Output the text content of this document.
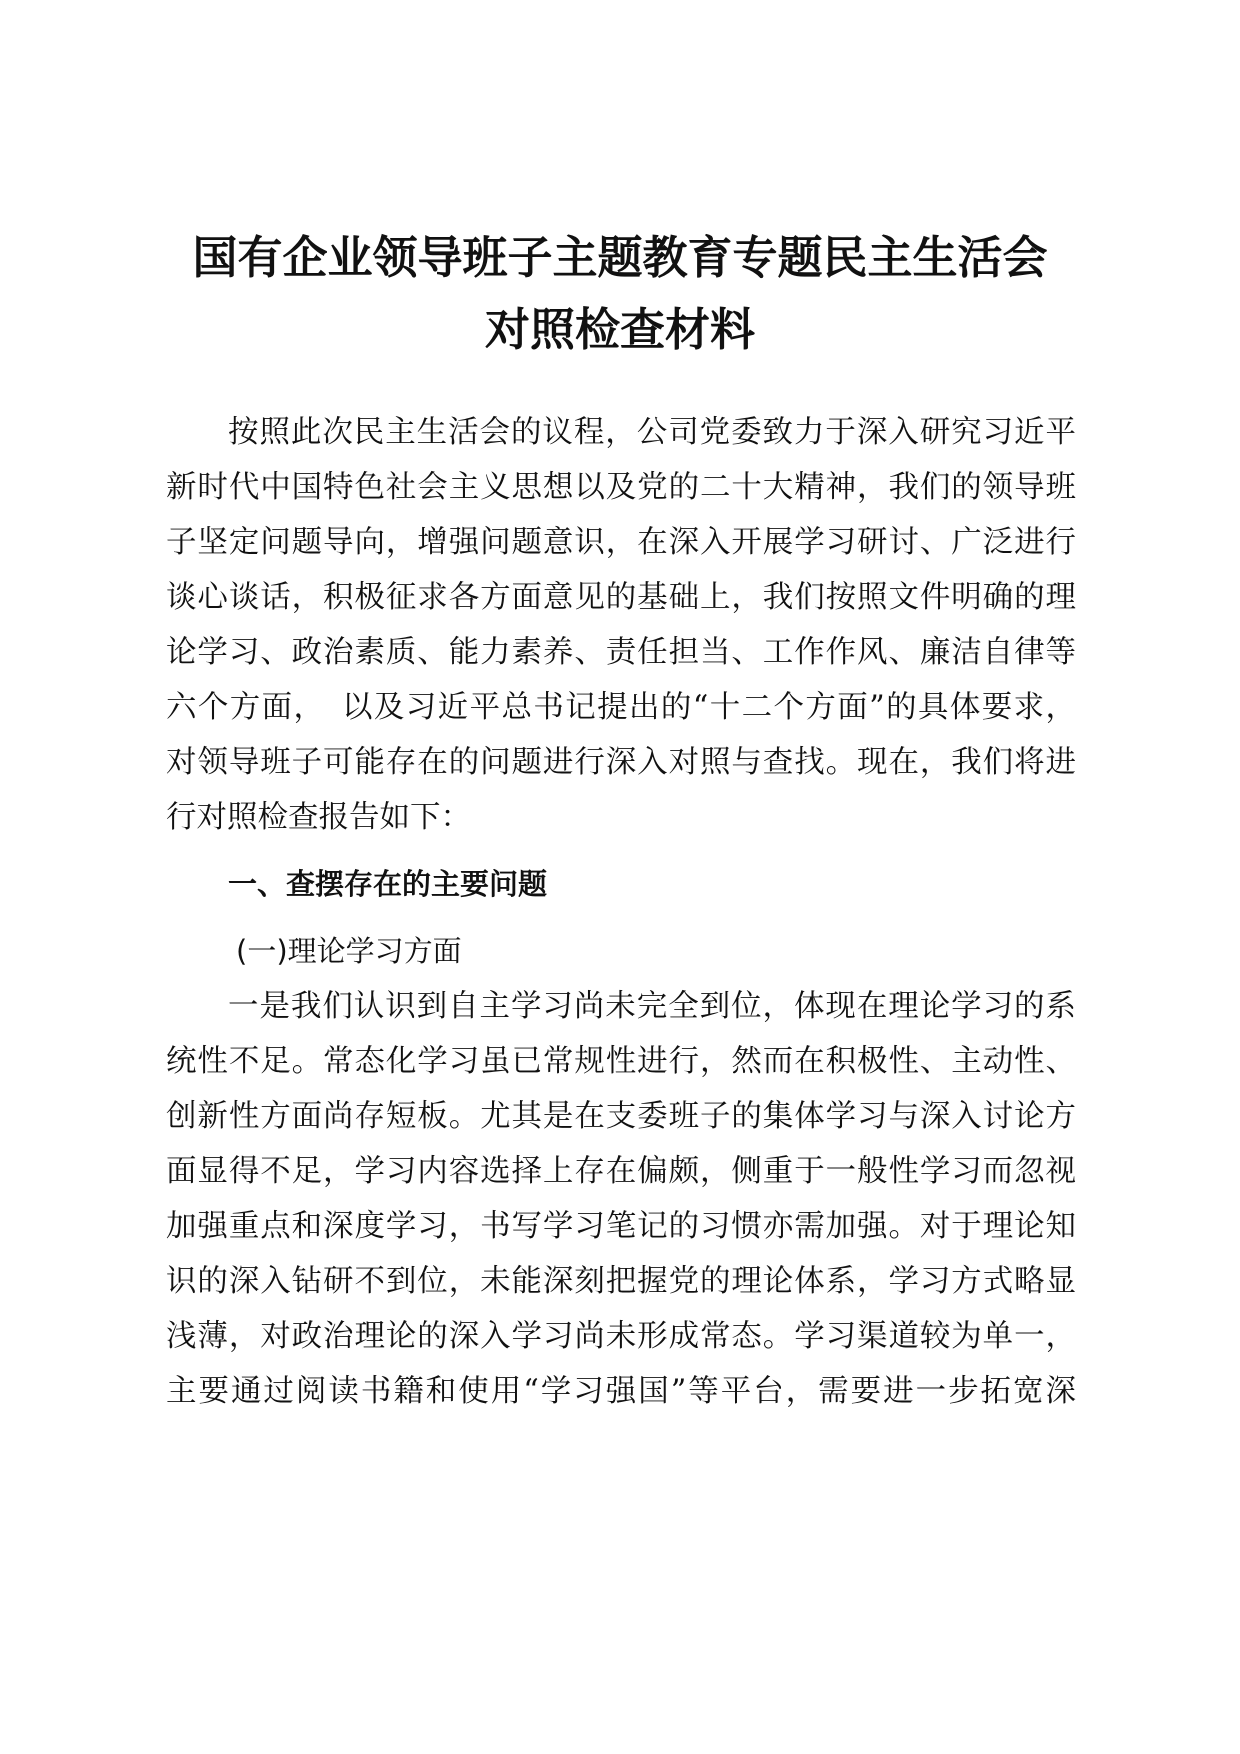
国有企业领导班子主题教育专题民主生活会
对照检查材料
按照此次民主生活会的议程，公司党委致力于深入研究习近平
新时代中国特色社会主义思想以及党的二十大精神，我们的领导班
子坚定问题导向，增强问题意识，在深入开展学习研讨、广泛进行
谈心谈话，积极征求各方面意见的基础上，我们按照文件明确的理
论学习、政治素质、能力素养、责任担当、工作作风、廉洁自律等
六个方面，　以及习近平总书记提出的“十二个方面”的具体要求，
对领导班子可能存在的问题进行深入对照与查找。现在，我们将进
行对照检查报告如下：
一、查摆存在的主要问题
(一)理论学习方面
一是我们认识到自主学习尚未完全到位，体现在理论学习的系
统性不足。常态化学习虽已常规性进行，然而在积极性、主动性、
创新性方面尚存短板。尤其是在支委班子的集体学习与深入讨论方
面显得不足，学习内容选择上存在偏颇，侧重于一般性学习而忽视
加强重点和深度学习，书写学习笔记的习惯亦需加强。对于理论知
识的深入钻研不到位，未能深刻把握党的理论体系，学习方式略显
浅薄，对政治理论的深入学习尚未形成常态。学习渠道较为单一，
主要通过阅读书籍和使用“学习强国”等平台，需要进一步拓宽深
